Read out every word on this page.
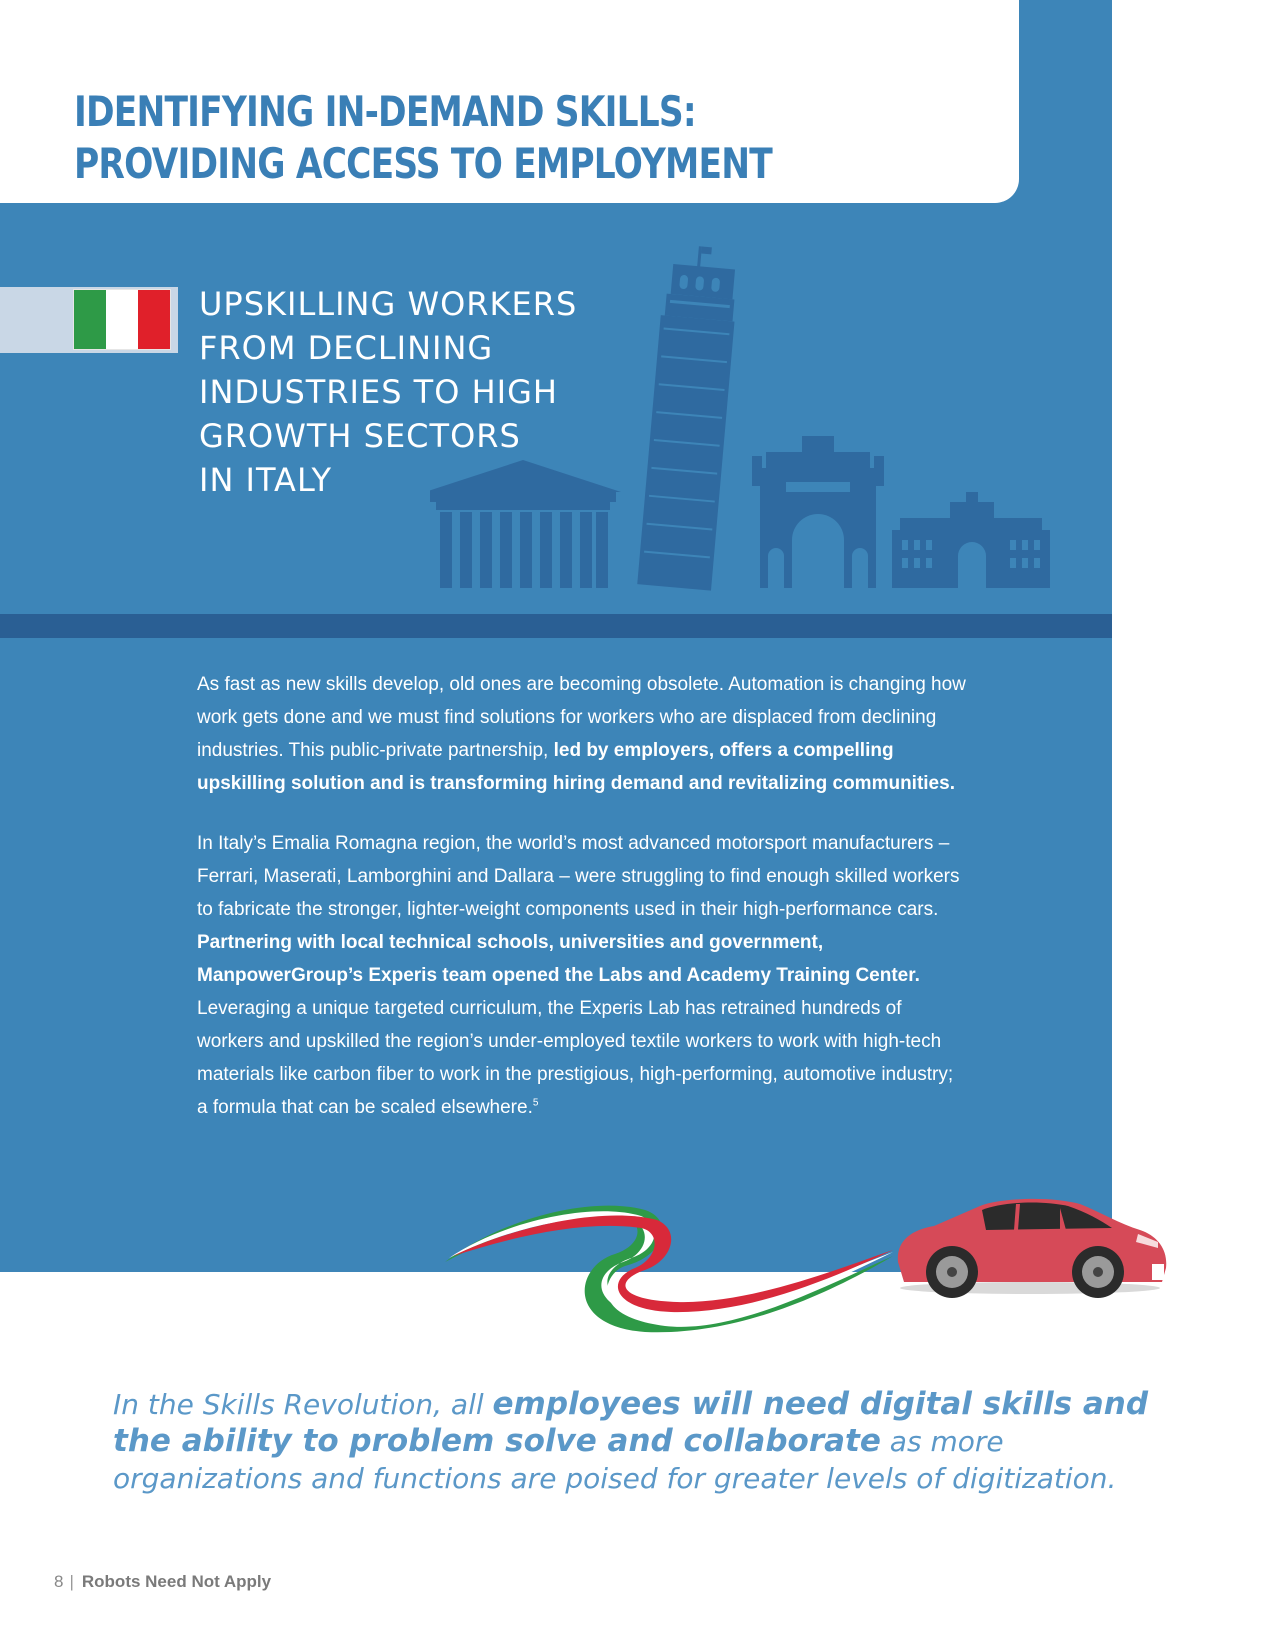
IDENTIFYING IN-DEMAND SKILLS:
PROVIDING ACCESS TO EMPLOYMENT
UPSKILLING WORKERS
FROM DECLINING
INDUSTRIES TO HIGH
GROWTH SECTORS
IN ITALY

As fast as new skills develop, old ones are becoming obsolete. Automation is changing how work gets done and we must find solutions for workers who are displaced from declining industries. This public-private partnership, led by employers, offers a compelling upskilling solution and is transforming hiring demand and revitalizing communities.

In Italy’s Emalia Romagna region, the world’s most advanced motorsport manufacturers – Ferrari, Maserati, Lamborghini and Dallara – were struggling to find enough skilled workers to fabricate the stronger, lighter-weight components used in their high-performance cars. Partnering with local technical schools, universities and government, ManpowerGroup’s Experis team opened the Labs and Academy Training Center. Leveraging a unique targeted curriculum, the Experis Lab has retrained hundreds of workers and upskilled the region’s under-employed textile workers to work with high-tech materials like carbon fiber to work in the prestigious, high-performing, automotive industry; a formula that can be scaled elsewhere.$^5$

In the Skills Revolution, all employees will need digital skills and the ability to problem solve and collaborate as more organizations and functions are poised for greater levels of digitization.
8 | Robots Need Not Apply
